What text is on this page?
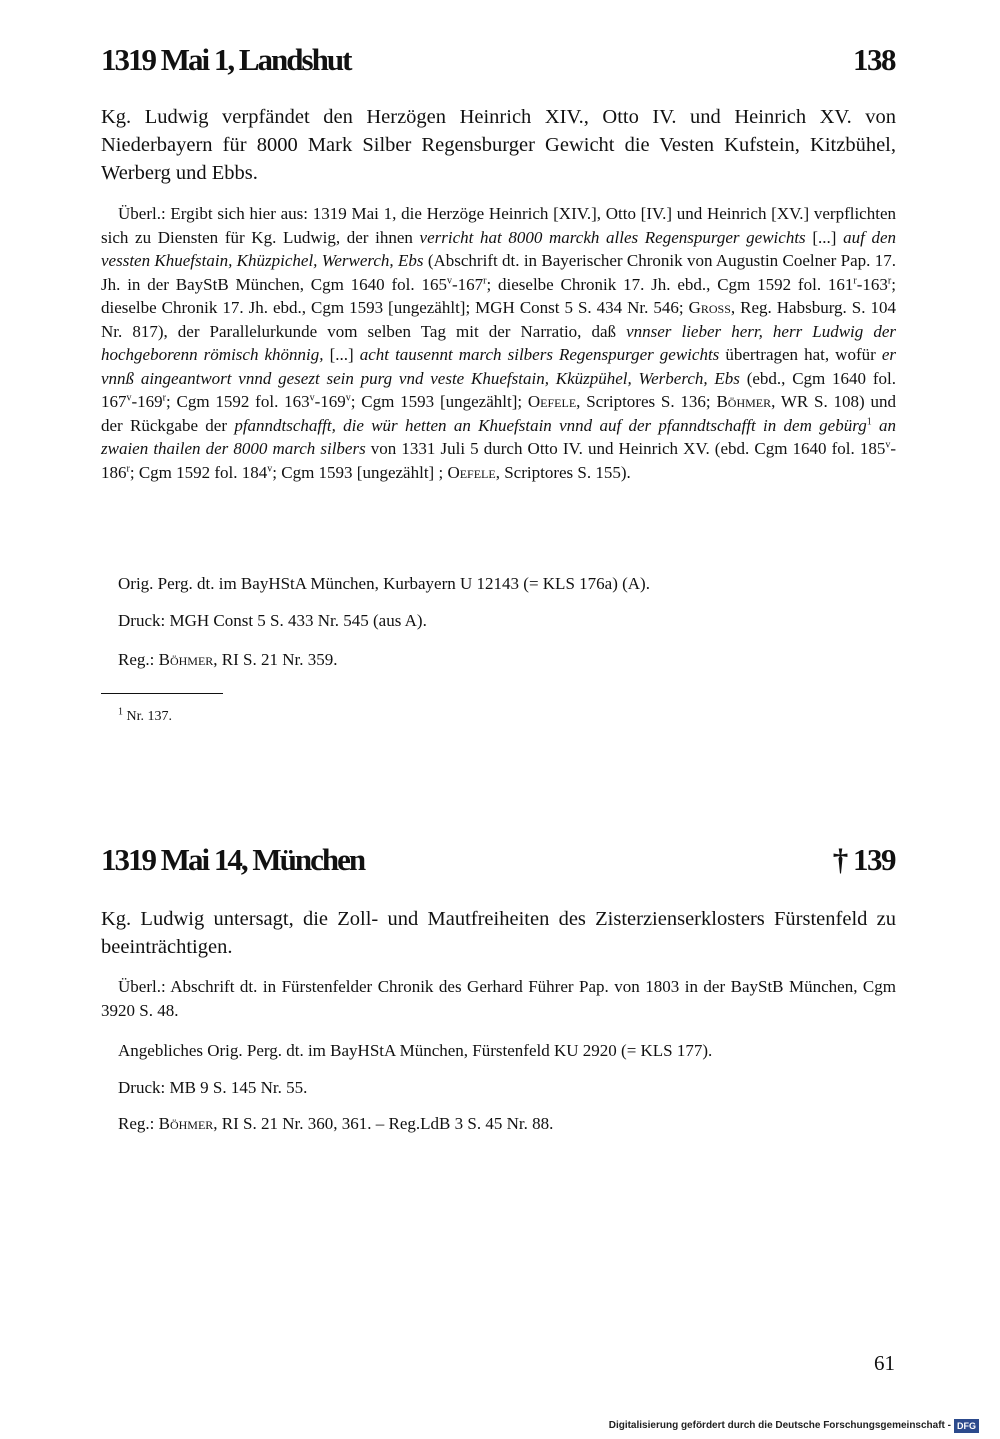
1319 Mai 1, Landshut	138

Kg. Ludwig verpfändet den Herzögen Heinrich XIV., Otto IV. und Heinrich XV. von Niederbayern für 8000 Mark Silber Regensburger Gewicht die Vesten Kufstein, Kitzbühel, Werberg und Ebbs.

Überl.: Ergibt sich hier aus: 1319 Mai 1, die Herzöge Heinrich [XIV.], Otto [IV.] und Heinrich [XV.] verpflichten sich zu Diensten für Kg. Ludwig, der ihnen verricht hat 8000 marckh alles Regenspurger gewichts [...] auf den vessten Khuefstain, Khüzpichel, Werwerch, Ebs (Abschrift dt. in Bayerischer Chronik von Augustin Coelner Pap. 17. Jh. in der BayStB München, Cgm 1640 fol. 165$^v$-167$^r$; dieselbe Chronik 17. Jh. ebd., Cgm 1592 fol. 161$^r$-163$^r$; dieselbe Chronik 17. Jh. ebd., Cgm 1593 [ungezählt]; MGH Const 5 S. 434 Nr. 546; Gross, Reg. Habsburg. S. 104 Nr. 817), der Parallelurkunde vom selben Tag mit der Narratio, daß vnnser lieber herr, herr Ludwig der hochgeborenn römisch khönnig, [...] acht tausennt march silbers Regenspurger gewichts übertragen hat, wofür er vnnß aingeantwort vnnd gesezt sein purg vnd veste Khuefstain, Kküzpühel, Werberch, Ebs (ebd., Cgm 1640 fol. 167$^v$-169$^r$; Cgm 1592 fol. 163$^v$-169$^v$; Cgm 1593 [ungezählt]; Oefele, Scriptores S. 136; Böhmer, WR S. 108) und der Rückgabe der pfanndtschafft, die wür hetten an Khuefstain vnnd auf der pfanndtschafft in dem gebürg$^1$ an zwaien thailen der 8000 march silbers von 1331 Juli 5 durch Otto IV. und Heinrich XV. (ebd. Cgm 1640 fol. 185$^v$-186$^r$; Cgm 1592 fol. 184$^v$; Cgm 1593 [ungezählt] ; Oefele, Scriptores S. 155).

Orig. Perg. dt. im BayHStA München, Kurbayern U 12143 (= KLS 176a) (A).

Druck: MGH Const 5 S. 433 Nr. 545 (aus A).

Reg.: Böhmer, RI S. 21 Nr. 359.

$^1$ Nr. 137.
1319 Mai 14, München	† 139

Kg. Ludwig untersagt, die Zoll- und Mautfreiheiten des Zisterzienserklosters Fürstenfeld zu beeinträchtigen.

Überl.: Abschrift dt. in Fürstenfelder Chronik des Gerhard Führer Pap. von 1803 in der BayStB München, Cgm 3920 S. 48.

Angebliches Orig. Perg. dt. im BayHStA München, Fürstenfeld KU 2920 (= KLS 177).

Druck: MB 9 S. 145 Nr. 55.

Reg.: Böhmer, RI S. 21 Nr. 360, 361. – Reg.LdB 3 S. 45 Nr. 88.

61
Digitalisierung gefördert durch die Deutsche Forschungsgemeinschaft - DFG
